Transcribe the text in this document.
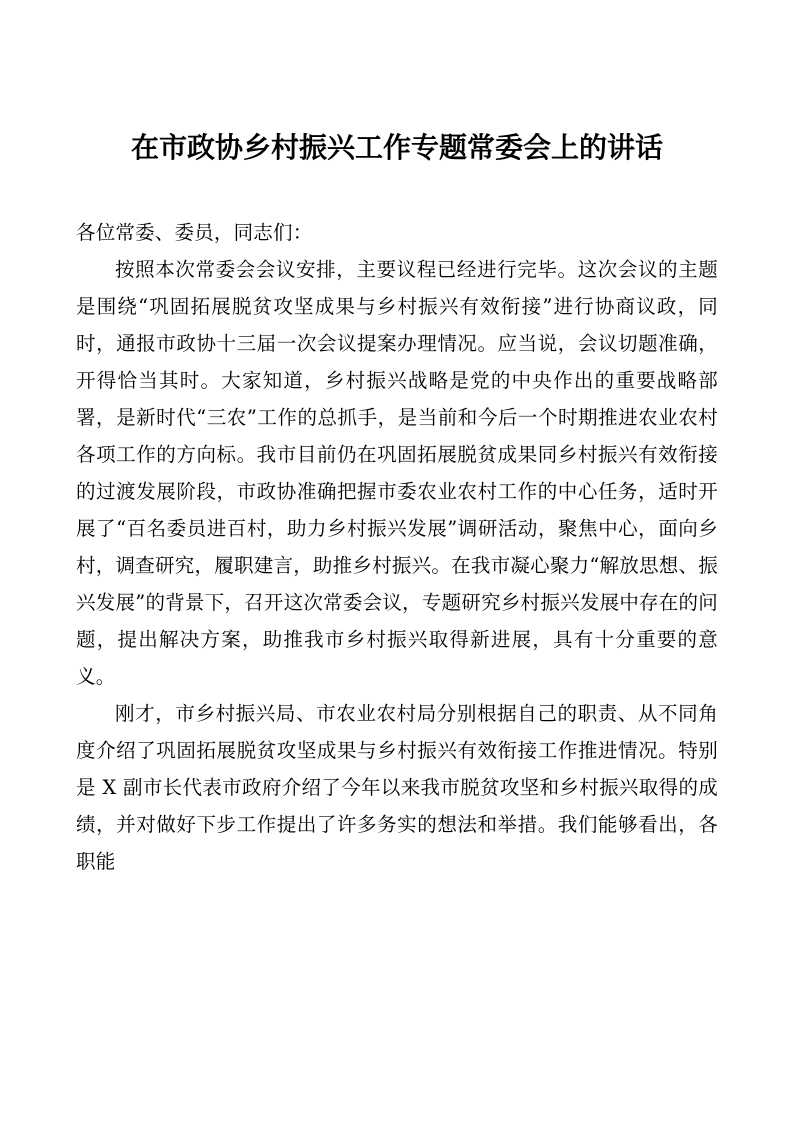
在市政协乡村振兴工作专题常委会上的讲话

各位常委、委员，同志们：

按照本次常委会会议安排，主要议程已经进行完毕。这次会议的主题是围绕“巩固拓展脱贫攻坚成果与乡村振兴有效衔接”进行协商议政，同时，通报市政协十三届一次会议提案办理情况。应当说，会议切题准确，开得恰当其时。大家知道，乡村振兴战略是党的中央作出的重要战略部署，是新时代“三农”工作的总抓手，是当前和今后一个时期推进农业农村各项工作的方向标。我市目前仍在巩固拓展脱贫成果同乡村振兴有效衔接的过渡发展阶段，市政协准确把握市委农业农村工作的中心任务，适时开展了“百名委员进百村，助力乡村振兴发展”调研活动，聚焦中心，面向乡村，调查研究，履职建言，助推乡村振兴。在我市凝心聚力“解放思想、振兴发展”的背景下，召开这次常委会议，专题研究乡村振兴发展中存在的问题，提出解决方案，助推我市乡村振兴取得新进展，具有十分重要的意义。

刚才，市乡村振兴局、市农业农村局分别根据自己的职责、从不同角度介绍了巩固拓展脱贫攻坚成果与乡村振兴有效衔接工作推进情况。特别是 X 副市长代表市政府介绍了今年以来我市脱贫攻坚和乡村振兴取得的成绩，并对做好下步工作提出了许多务实的想法和举措。我们能够看出，各职能
